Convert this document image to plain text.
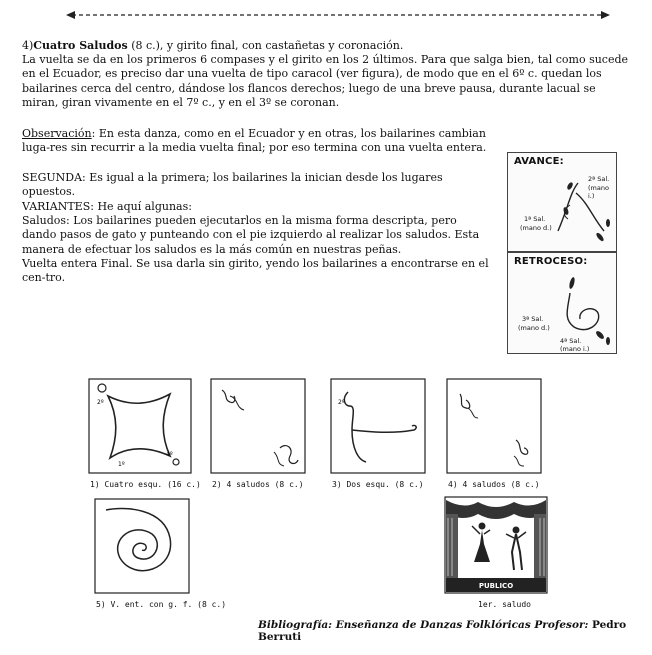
4)Cuatro Saludos (8 c.), y girito final, con castañetas y coronación.
La vuelta se da en los primeros 6 compases y el girito en los 2 últimos. Para que salga bien, tal como sucede en el Ecuador, es preciso dar una vuelta de tipo caracol (ver figura), de modo que en el 6º c. quedan los bailarines cerca del centro, dándose los flancos derechos; luego de una breve pausa, durante lacual se miran, giran vivamente en el 7º c., y en el 3º se coronan.
Observación: En esta danza, como en el Ecuador y en otras, los bailarines cambian luga-res sin recurrir a la media vuelta final; por eso termina con una vuelta entera.
SEGUNDA: Es igual a la primera; los bailarines la inician desde los lugares opuestos.
VARIANTES: He aquí algunas:
Saludos: Los bailarines pueden ejecutarlos en la misma forma descripta, pero dando pasos de gato y punteando con el pie izquierdo al realizar los saludos. Esta manera de efectuar los saludos es la más común en nuestras peñas.
Vuelta entera Final. Se usa darla sin girito, yendo los bailarines a encontrarse en el cen-tro.
AVANCE:
2ª Sal.
(mano i.)
1ª Sal.
(mano d.)
RETROCESO:
3ª Sal.
(mano d.)
4ª Sal.
(mano i.)
2º
4º
1º
1) Cuatro esqu. (16 c.) 2) 4 saludos (8 c.)
2º
3) Dos esqu. (8 c.)	4) 4 saludos (8 c.)
5) V. ent. con g. f. (8 c.)
PUBLICO
1er. saludo
Bibliografía: Enseñanza de Danzas Folklóricas Profesor: Pedro Berruti
